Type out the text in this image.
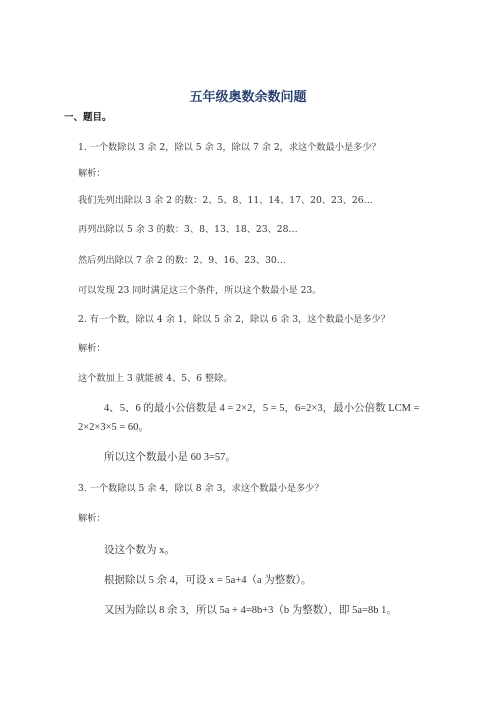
五年级奥数余数问题
一、题目。
1. 一个数除以 3 余 2，除以 5 余 3，除以 7 余 2，求这个数最小是多少？
解析：
我们先列出除以 3 余 2 的数：2、5、8、11、14、17、20、23、26…
再列出除以 5 余 3 的数：3、8、13、18、23、28…
然后列出除以 7 余 2 的数：2、9、16、23、30…
可以发现 23 同时满足这三个条件，所以这个数最小是 23。
2. 有一个数，除以 4 余 1，除以 5 余 2，除以 6 余 3，这个数最小是多少？
解析：
这个数加上 3 就能被 4、5、6 整除。
4、5、6 的最小公倍数是 4 = 2×2，5 = 5，6=2×3，最小公倍数 LCM =
2×2×3×5 = 60。
所以这个数最小是 60 3=57。
3. 一个数除以 5 余 4，除以 8 余 3，求这个数最小是多少？
解析：
设这个数为 x。
根据除以 5 余 4，可设 x = 5a+4（a 为整数）。
又因为除以 8 余 3，所以 5a + 4=8b+3（b 为整数），即 5a=8b 1。
